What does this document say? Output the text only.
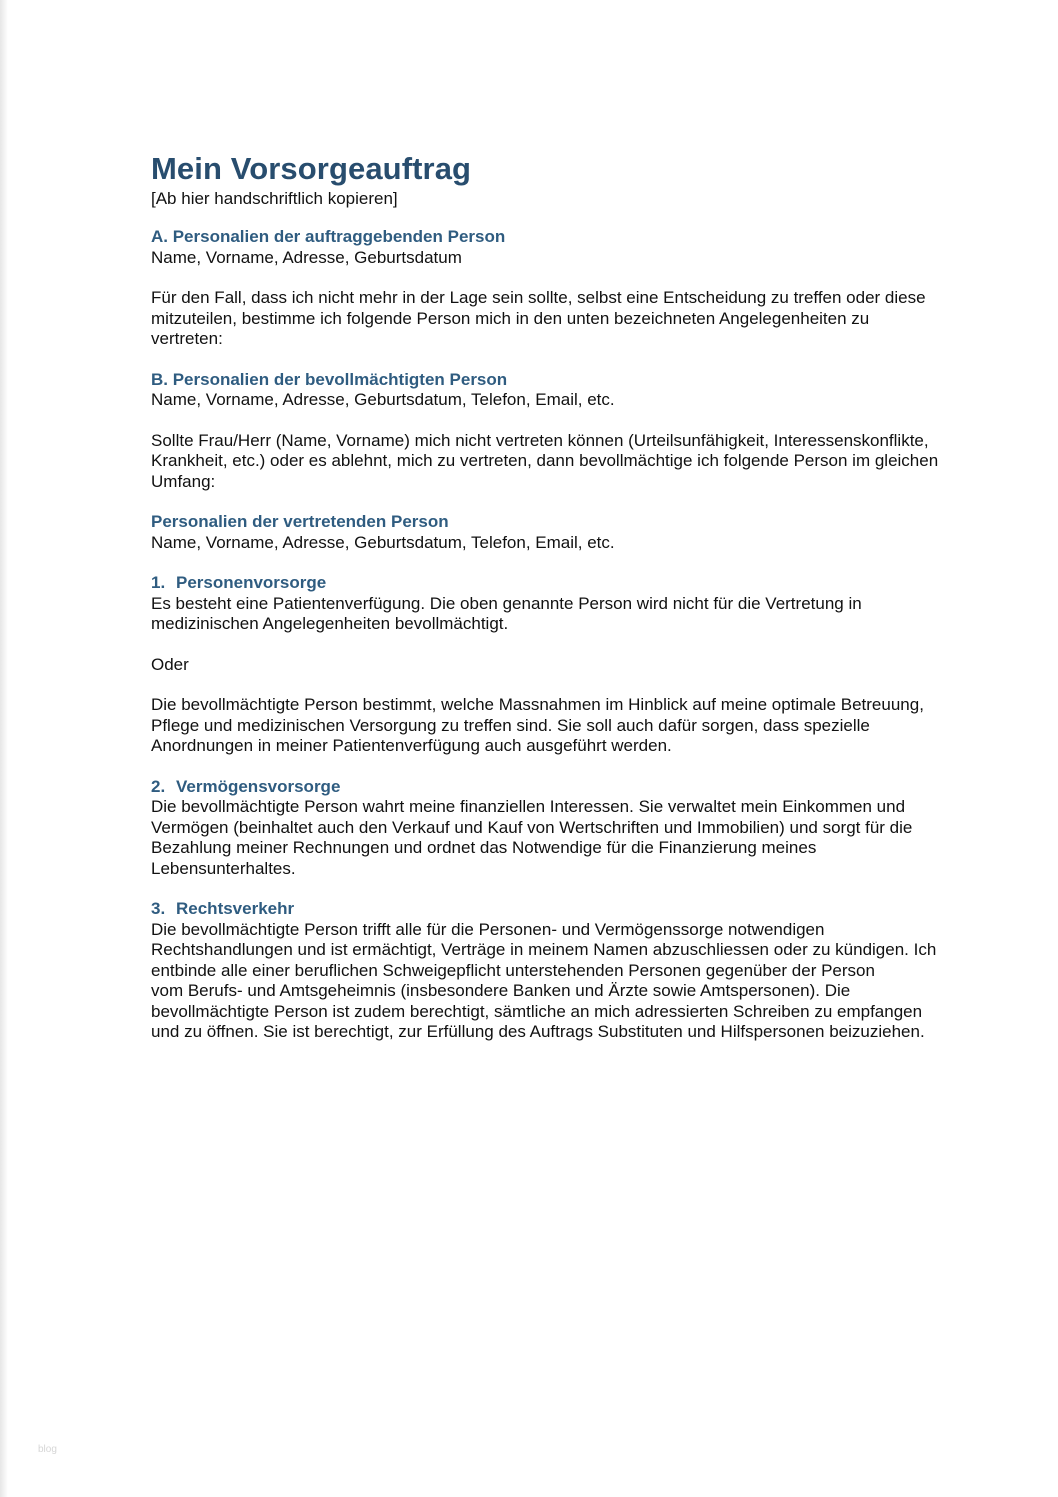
Mein Vorsorgeauftrag

[Ab hier handschriftlich kopieren]

A. Personalien der auftraggebenden Person

Name, Vorname, Adresse, Geburtsdatum

Für den Fall, dass ich nicht mehr in der Lage sein sollte, selbst eine Entscheidung zu treffen oder diese

mitzuteilen, bestimme ich folgende Person mich in den unten bezeichneten Angelegenheiten zu

vertreten:

B. Personalien der bevollmächtigten Person

Name, Vorname, Adresse, Geburtsdatum, Telefon, Email, etc.

Sollte Frau/Herr (Name, Vorname) mich nicht vertreten können (Urteilsunfähigkeit, Interessenskonflikte,

Krankheit, etc.) oder es ablehnt, mich zu vertreten, dann bevollmächtige ich folgende Person im gleichen

Umfang:

Personalien der vertretenden Person

Name, Vorname, Adresse, Geburtsdatum, Telefon, Email, etc.

1. Personenvorsorge

Es besteht eine Patientenverfügung. Die oben genannte Person wird nicht für die Vertretung in

medizinischen Angelegenheiten bevollmächtigt.

Oder

Die bevollmächtigte Person bestimmt, welche Massnahmen im Hinblick auf meine optimale Betreuung,

Pflege und medizinischen Versorgung zu treffen sind. Sie soll auch dafür sorgen, dass spezielle

Anordnungen in meiner Patientenverfügung auch ausgeführt werden.

2. Vermögensvorsorge

Die bevollmächtigte Person wahrt meine finanziellen Interessen. Sie verwaltet mein Einkommen und

Vermögen (beinhaltet auch den Verkauf und Kauf von Wertschriften und Immobilien) und sorgt für die

Bezahlung meiner Rechnungen und ordnet das Notwendige für die Finanzierung meines

Lebensunterhaltes.

3. Rechtsverkehr

Die bevollmächtigte Person trifft alle für die Personen- und Vermögenssorge notwendigen

Rechtshandlungen und ist ermächtigt, Verträge in meinem Namen abzuschliessen oder zu kündigen. Ich

entbinde alle einer beruflichen Schweigepflicht unterstehenden Personen gegenüber der Person

vom Berufs- und Amtsgeheimnis (insbesondere Banken und Ärzte sowie Amtspersonen). Die

bevollmächtigte Person ist zudem berechtigt, sämtliche an mich adressierten Schreiben zu empfangen

und zu öffnen. Sie ist berechtigt, zur Erfüllung des Auftrags Substituten und Hilfspersonen beizuziehen.

blog
